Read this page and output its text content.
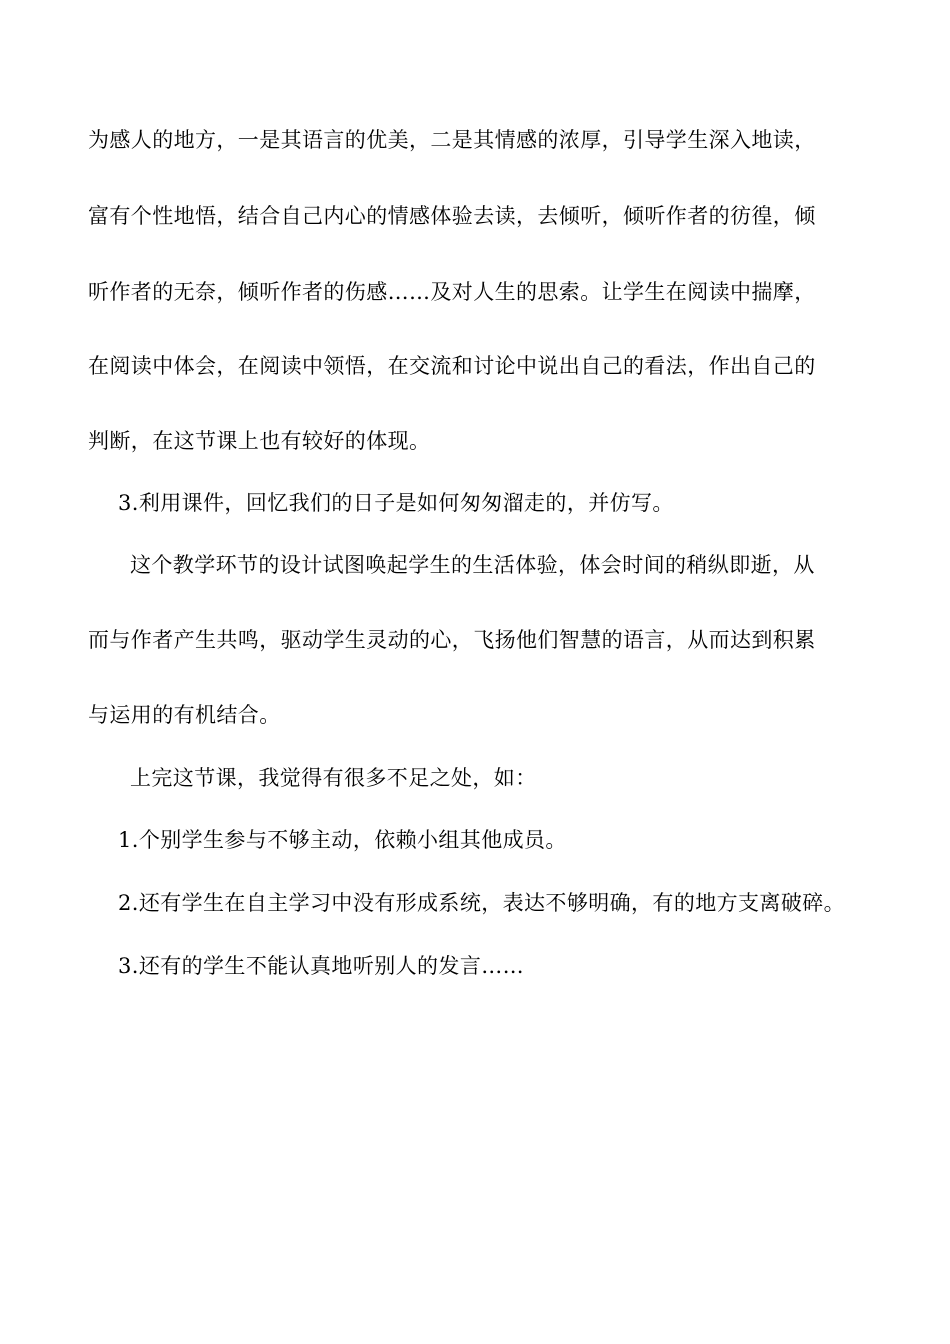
为感人的地方，一是其语言的优美，二是其情感的浓厚，引导学生深入地读，
富有个性地悟，结合自己内心的情感体验去读，去倾听，倾听作者的彷徨，倾
听作者的无奈，倾听作者的伤感……及对人生的思索。让学生在阅读中揣摩，
在阅读中体会，在阅读中领悟，在交流和讨论中说出自己的看法，作出自己的
判断，在这节课上也有较好的体现。
3.利用课件，回忆我们的日子是如何匆匆溜走的，并仿写。
这个教学环节的设计试图唤起学生的生活体验，体会时间的稍纵即逝，从
而与作者产生共鸣，驱动学生灵动的心，飞扬他们智慧的语言，从而达到积累
与运用的有机结合。
上完这节课，我觉得有很多不足之处，如：
1.个别学生参与不够主动，依赖小组其他成员。
2.还有学生在自主学习中没有形成系统，表达不够明确，有的地方支离破碎。
3.还有的学生不能认真地听别人的发言……
